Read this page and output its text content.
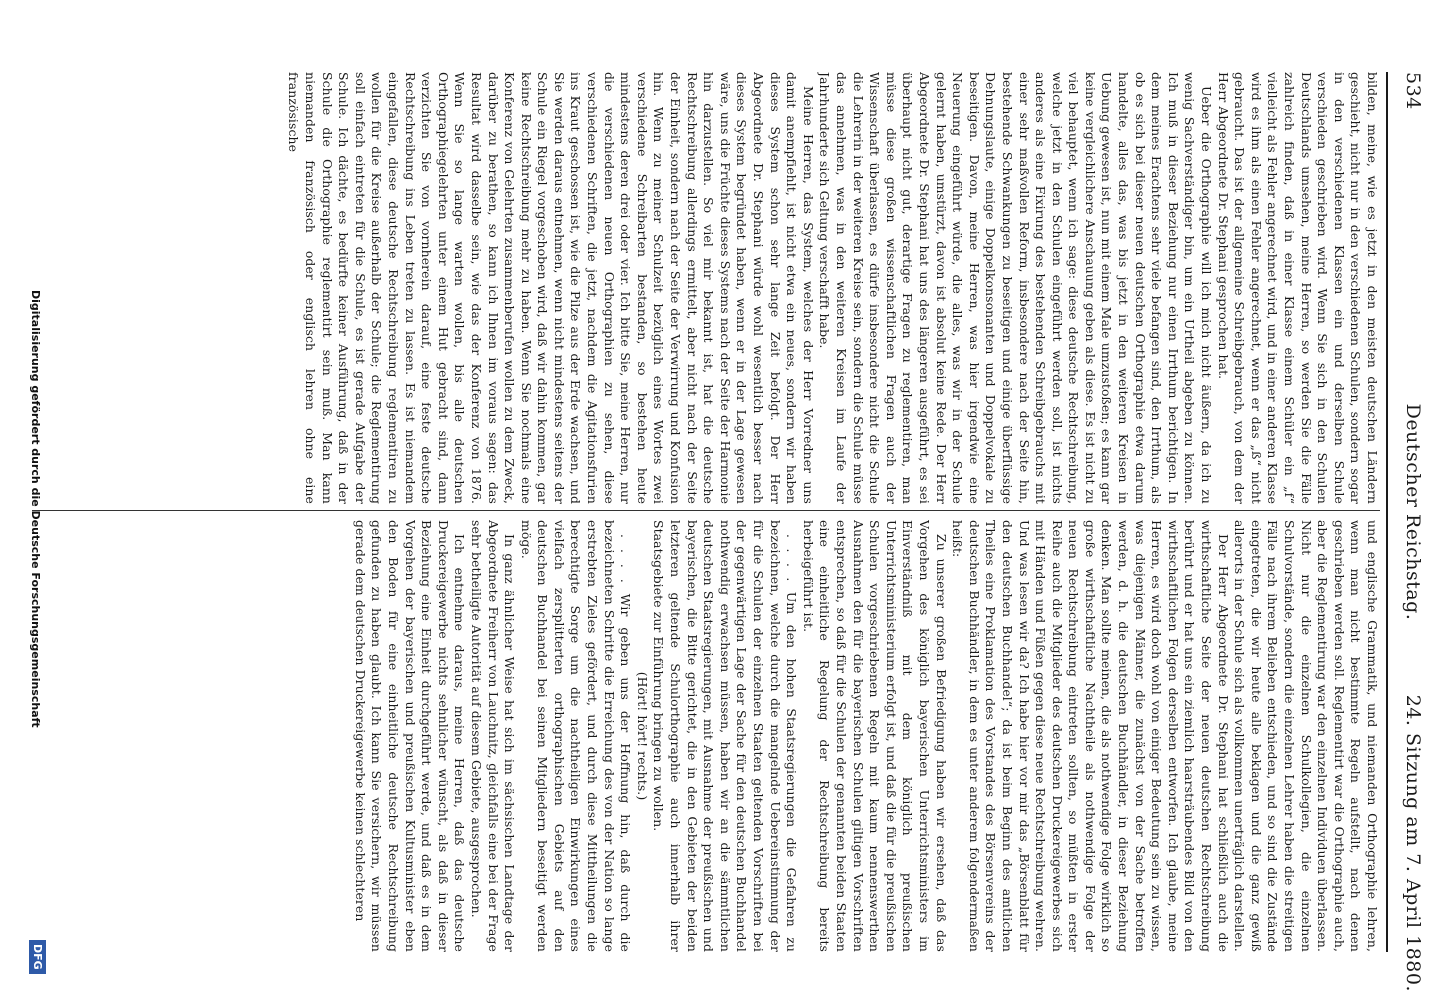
534
Deutscher Reichstag.
24. Sitzung am 7. April 1880.

bilden, meine, wie es jetzt in den meisten deutschen Ländern geschieht, nicht nur in den verschiedenen Schulen, sondern sogar in den verschiedenen Klassen ein und derselben Schule verschieden geschrieben wird. Wenn Sie sich in den Schulen Deutschlands umsehen, meine Herren, so werden Sie die Fälle zahlreich finden, daß in einer Klasse einem Schüler ein „f“ vielleicht als Fehler angerechnet wird, und in einer anderen Klasse wird es ihm als einen Fehler angerechnet, wenn er das „ß“ nicht gebraucht. Das ist der allgemeine Schreibgebrauch, von dem der Herr Abgeordnete Dr. Stephani gesprochen hat.

Ueber die Orthographie will ich mich nicht äußern, da ich zu wenig Sachverständiger bin, um ein Urtheil abgeben zu können. Ich muß in dieser Beziehung nur einen Irrthum berichtigen. In dem meines Erachtens sehr viele befangen sind, den Irrthum, als ob es sich bei dieser neuen deutschen Orthographie etwa darum handelte, alles das, was bis jetzt in den weiteren Kreisen in Uebung gewesen ist, nun mit einem Male umzustoßen; es kann gar keine vergleichlichere Anschauung geben als diese. Es ist nicht zu viel behauptet, wenn ich sage: diese deutsche Rechtschreibung, welche jetzt in den Schulen eingeführt werden soll, ist nichts anderes als eine Fixirung des bestehenden Schreibgebrauchs mit einer sehr maßvollen Reform, insbesondere nach der Seite hin, bestehende Schwankungen zu beseitigen und einige überflüssige Dehnungslaute, einige Doppelkonsonanten und Doppelvokale zu beseitigen. Davon, meine Herren, was hier irgendwie eine Neuerung eingeführt würde, die alles, was wir in der Schule gelernt haben, umstürzt, davon ist absolut keine Rede. Der Herr Abgeordnete Dr. Stephani hat uns des längeren ausgeführt, es sei überhaupt nicht gut, derartige Fragen zu reglementiren, man müsse diese großen wissenschaftlichen Fragen auch der Wissenschaft überlassen, es dürfe insbesondere nicht die Schule die Lehrerin in der weiteren Kreise sein, sondern die Schule müsse das annehmen, was in den weiteren Kreisen im Laufe der Jahrhunderte sich Geltung verschafft habe.

Meine Herren, das System, welches der Herr Vorredner uns damit anempfiehlt, ist nicht etwa ein neues, sondern wir haben dieses System schon sehr lange Zeit befolgt. Der Herr Abgeordnete Dr. Stephani würde wohl wesentlich besser nach dieses System begründet haben, wenn er in der Lage gewesen wäre, uns die Früchte dieses Systems nach der Seite der Harmonie hin darzustellen. So viel mir bekannt ist, hat die deutsche Rechtschreibung allerdings ermittelt, aber nicht nach der Seite der Einheit, sondern nach der Seite der Verwirrung und Konfusion hin. Wenn zu meiner Schulzeit bezüglich eines Wortes zwei verschiedene Schreibarten bestanden, so bestehen heute mindestens deren drei oder vier. Ich bitte Sie, meine Herren, nur die verschiedenen neuen Orthographien zu sehen, diese verschiedenen Schriften, die jetzt, nachdem die Agitationsfurien ins Kraut geschossen ist, wie die Pilze aus der Erde wachsen, und Sie werden daraus entnehmen, wenn nicht mindestens seitens der Schule ein Riegel vorgeschoben wird, daß wir dahin kommen, gar keine Rechtschreibung mehr zu haben. Wenn Sie nochmals eine Konferenz von Gelehrten zusammenberufen wollen zu dem Zweck, darüber zu berathen, so kann ich Ihnen im voraus sagen: das Resultat wird dasselbe sein, wie das der Konferenz von 1876. Wenn Sie so lange warten wollen, bis alle deutschen Orthographiegelehrten unter einem Hut gebracht sind, dann verzichten Sie von vornherein darauf, eine feste deutsche Rechtschreibung ins Leben treten zu lassen. Es ist niemandem eingefallen, diese deutsche Rechtschreibung reglementiren zu wollen für die Kreise außerhalb der Schule; die Reglementirung soll einfach eintreten für die Schule, es ist gerade Aufgabe der Schule. Ich dächte, es bedürfte keiner Ausführung, daß in der Schule die Orthographie reglementirt sein muß. Man kann niemanden französisch oder englisch lehren ohne eine französische

und englische Grammatik, und niemanden Orthographie lehren, wenn man nicht bestimmte Regeln aufstellt, nach denen geschrieben werden soll. Reglementirt war die Orthographie auch, aber die Reglementirung war den einzelnen Individuen überlassen. Nicht nur die einzelnen Schulkollegien, die einzelnen Schulvorstände, sondern die einzelnen Lehrer haben die streitigen Fälle nach ihrem Belieben entschieden, und so sind die Zustände eingetreten, die wir heute alle beklagen und die ganz gewiß allerorts in der Schule sich als vollkommen unerträglich darstellen.

Der Herr Abgeordnete Dr. Stephani hat schließlich auch die wirthschaftliche Seite der neuen deutschen Rechtschreibung berührt und er hat uns ein ziemlich haarsträubendes Bild von den wirthschaftlichen Folgen derselben entworfen. Ich glaube, meine Herren, es wird doch wohl von einiger Bedeutung sein zu wissen, was diejenigen Männer, die zunächst von der Sache betroffen werden, d. h. die deutschen Buchhändler, in dieser Beziehung denken. Man sollte meinen, die als nothwendige Folge wirklich so große wirthschaftliche Nachtheile als nothwendige Folge der neuen Rechtschreibung eintreten sollten, so müßten in erster Reihe auch die Mitglieder des deutschen Druckereigewerbes sich mit Händen und Füßen gegen diese neue Rechtschreibung wehren. Und was lesen wir da? Ich habe hier vor mir das „Börsenblatt für den deutschen Buchhandel“; da ist beim Beginn des amtlichen Theiles eine Proklamation des Vorstandes des Börsenvereins der deutschen Buchhändler, in dem es unter anderem folgendermaßen heißt:

Zu unserer großen Befriedigung haben wir ersehen, daß das Vorgehen des königlich bayerischen Unterrichtsministers im Einverständniß mit dem königlich preußischen Unterrichtsministerium erfolgt ist, und daß die für die preußischen Schulen vorgeschriebenen Regeln mit kaum nennenswerthen Ausnahmen den für die bayerischen Schulen giltigen Vorschriften entsprechen, so daß für die Schulen der genannten beiden Staaten eine einheitliche Regelung der Rechtschreibung bereits herbeigeführt ist.

. . . . Um den hohen Staatsregierungen die Gefahren zu bezeichnen, welche durch die mangelnde Uebereinstimmung der für die Schulen der einzelnen Staaten geltenden Vorschriften bei der gegenwärtigen Lage der Sache für den deutschen Buchhandel nothwendig erwachsen müssen, haben wir an die sämmtlichen deutschen Staatsregierungen, mit Ausnahme der preußischen und bayerischen, die Bitte gerichtet, die in den Gebieten der beiden letzteren geltende Schulorthographie auch innerhalb ihrer Staatsgebiete zur Einführung bringen zu wollen.

(Hört! hört! rechts.)

. . . . Wir geben uns der Hoffnung hin, daß durch die bezeichneten Schritte die Erreichung des von der Nation so lange erstrebten Zieles gefördert, und durch diese Mittheilungen die berechtigte Sorge um die nachtheiligen Einwirkungen eines vielfach zersplitterten orthographischen Gebiets auf den deutschen Buchhandel bei seinen Mitgliedern beseitigt werden möge.

In ganz ähnlicher Weise hat sich im sächsischen Landtage der Abgeordnete Freiherr von Lauchnitz, gleichfalls eine bei der Frage sehr betheiligte Autorität auf diesem Gebiete, ausgesprochen.

Ich entnehme daraus, meine Herren, daß das deutsche Druckereigewerbe nichts sehnlicher wünscht, als daß in dieser Beziehung eine Einheit durchgeführt werde, und daß es in dem Vorgehen der bayerischen und preußischen Kultusminister eben den Boden für eine einheitliche deutsche Rechtschreibung gefunden zu haben glaubt. Ich kann Sie versichern, wir müssen gerade dem deutschen Druckereigewerbe keinen schlechteren

Digitalisierung gefördert durch die Deutsche Forschungsgemeinschaft
DFG
